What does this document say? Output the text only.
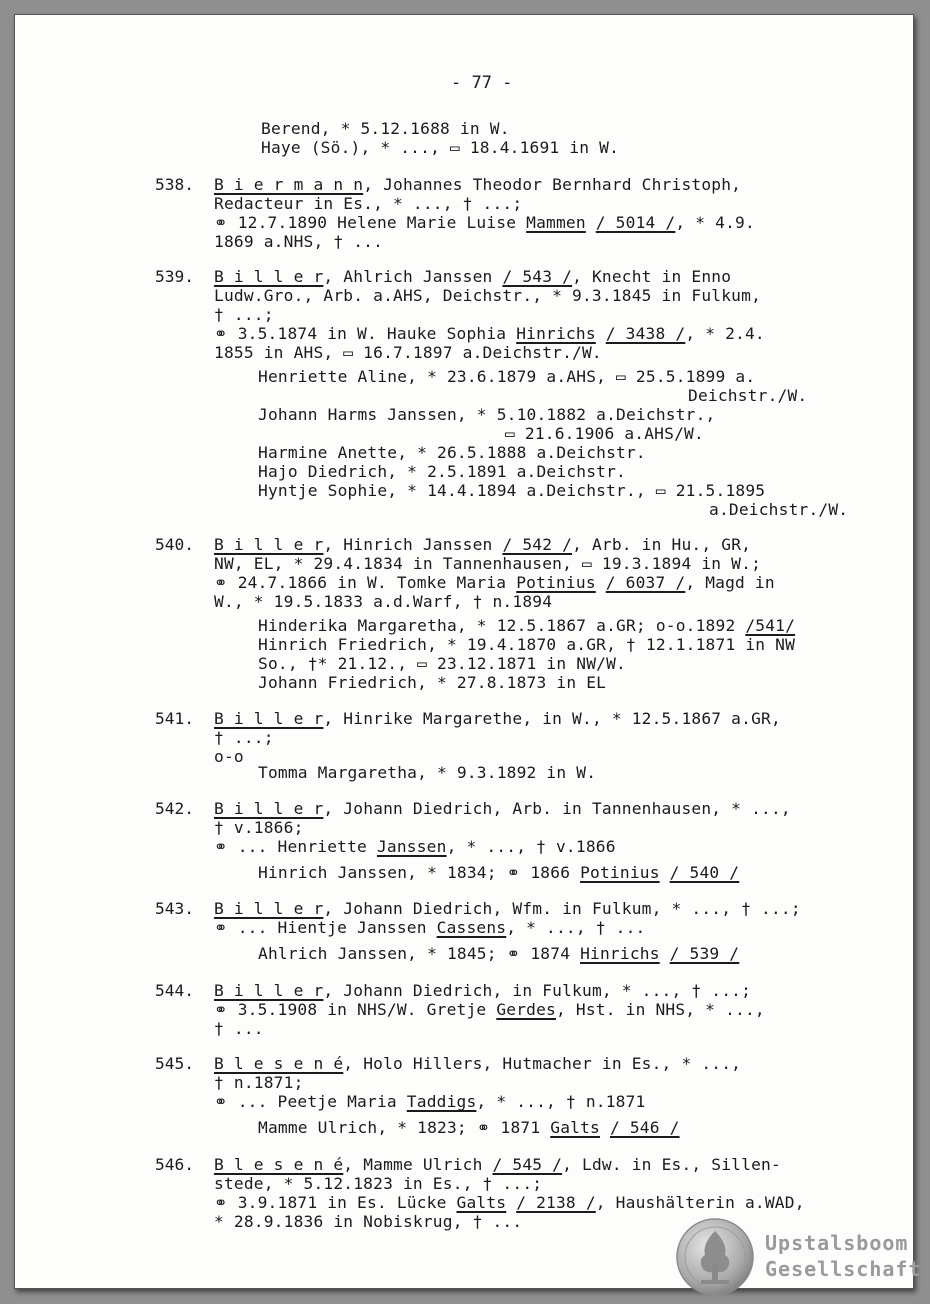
- 77 -
Berend, * 5.12.1688 in W.
Haye (Sö.), * ..., ▭ 18.4.1691 in W.
538. B i e r m a n n, Johannes Theodor Bernhard Christoph,
Redacteur in Es., * ..., † ...;
⚭ 12.7.1890 Helene Marie Luise Mammen / 5014 /, * 4.9.
1869 a.NHS, † ...
539. B i l l e r, Ahlrich Janssen / 543 /, Knecht in Enno
Ludw.Gro., Arb. a.AHS, Deichstr., * 9.3.1845 in Fulkum,
† ...;
⚭ 3.5.1874 in W. Hauke Sophia Hinrichs / 3438 /, * 2.4.
1855 in AHS, ▭ 16.7.1897 a.Deichstr./W.
Henriette Aline, * 23.6.1879 a.AHS, ▭ 25.5.1899 a.
Deichstr./W.
Johann Harms Janssen, * 5.10.1882 a.Deichstr.,
▭ 21.6.1906 a.AHS/W.
Harmine Anette, * 26.5.1888 a.Deichstr.
Hajo Diedrich, * 2.5.1891 a.Deichstr.
Hyntje Sophie, * 14.4.1894 a.Deichstr., ▭ 21.5.1895
a.Deichstr./W.
540. B i l l e r, Hinrich Janssen / 542 /, Arb. in Hu., GR,
NW, EL, * 29.4.1834 in Tannenhausen, ▭ 19.3.1894 in W.;
⚭ 24.7.1866 in W. Tomke Maria Potinius / 6037 /, Magd in
W., * 19.5.1833 a.d.Warf, † n.1894
Hinderika Margaretha, * 12.5.1867 a.GR; o-o.1892 /541/
Hinrich Friedrich, * 19.4.1870 a.GR, † 12.1.1871 in NW
So., †* 21.12., ▭ 23.12.1871 in NW/W.
Johann Friedrich, * 27.8.1873 in EL
541. B i l l e r, Hinrike Margarethe, in W., * 12.5.1867 a.GR,
† ...;
o-o
Tomma Margaretha, * 9.3.1892 in W.
542. B i l l e r, Johann Diedrich, Arb. in Tannenhausen, * ...,
† v.1866;
⚭ ... Henriette Janssen, * ..., † v.1866
Hinrich Janssen, * 1834; ⚭ 1866 Potinius / 540 /
543. B i l l e r, Johann Diedrich, Wfm. in Fulkum, * ..., † ...;
⚭ ... Hientje Janssen Cassens, * ..., † ...
Ahlrich Janssen, * 1845; ⚭ 1874 Hinrichs / 539 /
544. B i l l e r, Johann Diedrich, in Fulkum, * ..., † ...;
⚭ 3.5.1908 in NHS/W. Gretje Gerdes, Hst. in NHS, * ...,
† ...
545. B l e s e n é, Holo Hillers, Hutmacher in Es., * ...,
† n.1871;
⚭ ... Peetje Maria Taddigs, * ..., † n.1871
Mamme Ulrich, * 1823; ⚭ 1871 Galts / 546 /
546. B l e s e n é, Mamme Ulrich / 545 /, Ldw. in Es., Sillen-
stede, * 5.12.1823 in Es., † ...;
⚭ 3.9.1871 in Es. Lücke Galts / 2138 /, Haushälterin a.WAD,
* 28.9.1836 in Nobiskrug, † ...
Upstalsboom
Gesellschaft
